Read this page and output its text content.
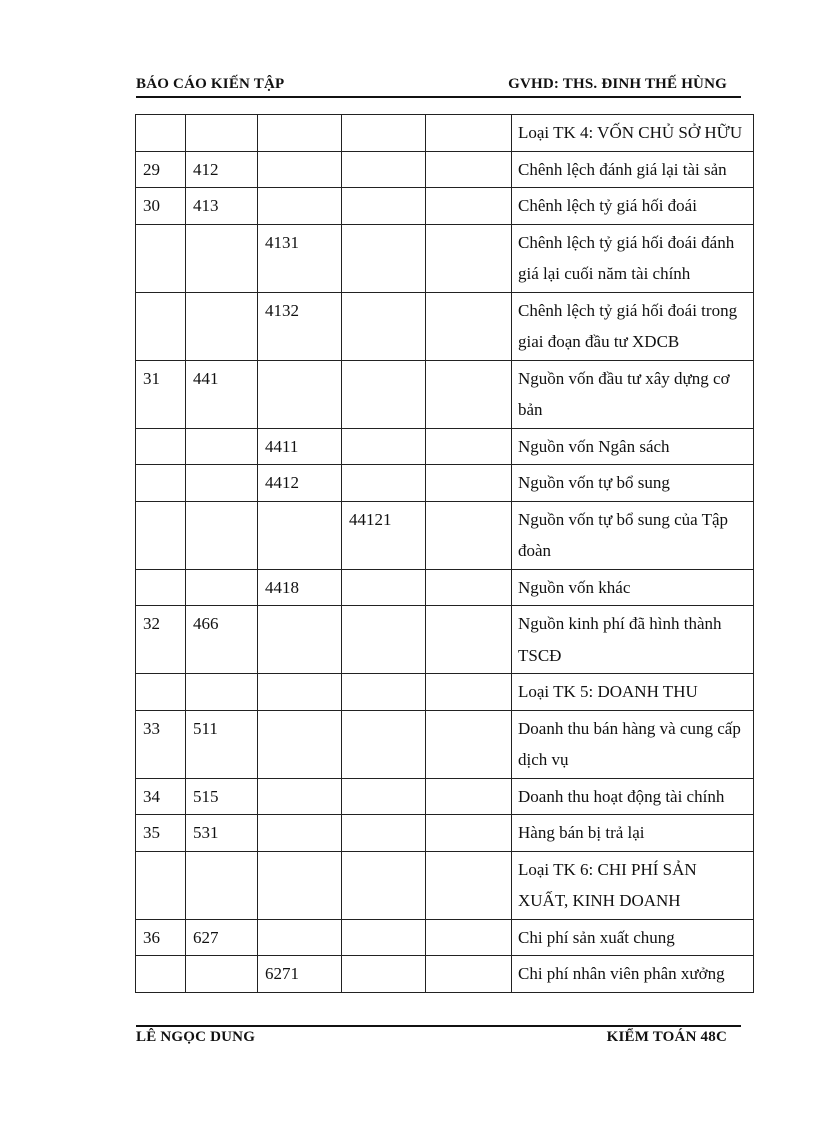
BÁO CÁO KIẾN TẬP	GVHD: THS. ĐINH THẾ HÙNG
					Loại TK 4: VỐN CHỦ SỞ HỮU
29	412				Chênh lệch đánh giá lại tài sản
30	413				Chênh lệch tỷ giá hối đoái
		4131			Chênh lệch tỷ giá hối đoái đánh giá lại cuối năm tài chính
		4132			Chênh lệch tỷ giá hối đoái trong giai đoạn đầu tư XDCB
31	441				Nguồn vốn đầu tư xây dựng cơ bản
		4411			Nguồn vốn Ngân sách
		4412			Nguồn vốn tự bổ sung
			44121		Nguồn vốn tự bổ sung của Tập đoàn
		4418			Nguồn vốn khác
32	466				Nguồn kinh phí đã hình thành TSCĐ
					Loại TK 5: DOANH THU
33	511				Doanh thu bán hàng và cung cấp dịch vụ
34	515				Doanh thu hoạt động tài chính
35	531				Hàng bán bị trả lại
					Loại TK 6: CHI PHÍ SẢN XUẤT, KINH DOANH
36	627				Chi phí sản xuất chung
		6271			Chi phí nhân viên phân xưởng
LÊ NGỌC DUNG	KIỂM TOÁN 48C
